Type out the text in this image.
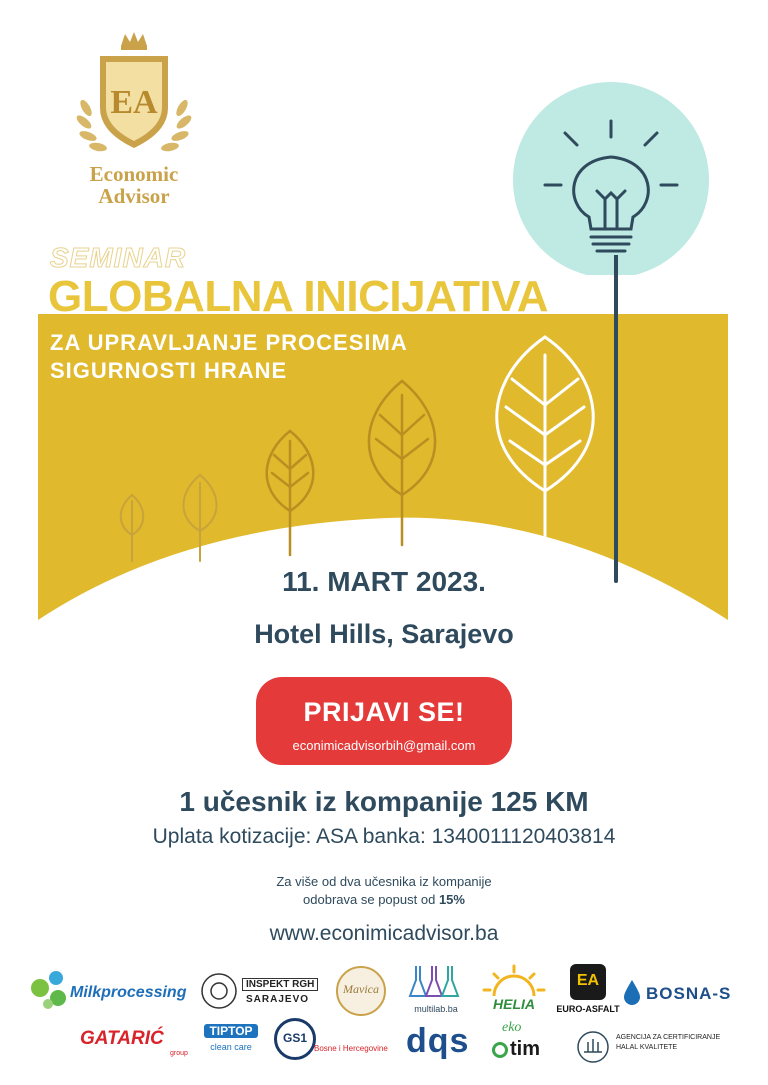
EA
Economic
Advisor
SEMINAR
GLOBALNA INICIJATIVA
ZA UPRAVLJANJE PROCESIMA
SIGURNOSTI HRANE
11. MART 2023.
Hotel Hills, Sarajevo
PRIJAVI SE!
econimicadvisorbih@gmail.com
1 učesnik iz kompanije 125 KM
Uplata kotizacije: ASA banka: 1340011120403814
Za više od dva učesnika iz kompanije
odobrava se popust od 15%
www.econimicadvisor.ba
Milkprocessing	INSPEKT RGH
SARAJEVO
Mavica
multilab.ba	HELIA
EA
EURO-ASFALT
BOSNA-S
GATARIĆ
group
TIPTOP
clean care
GS1
Bosne i Hercegovine dqs eko
tim
AGENCIJA ZA CERTIFICIRANJE
HALAL KVALITETE
